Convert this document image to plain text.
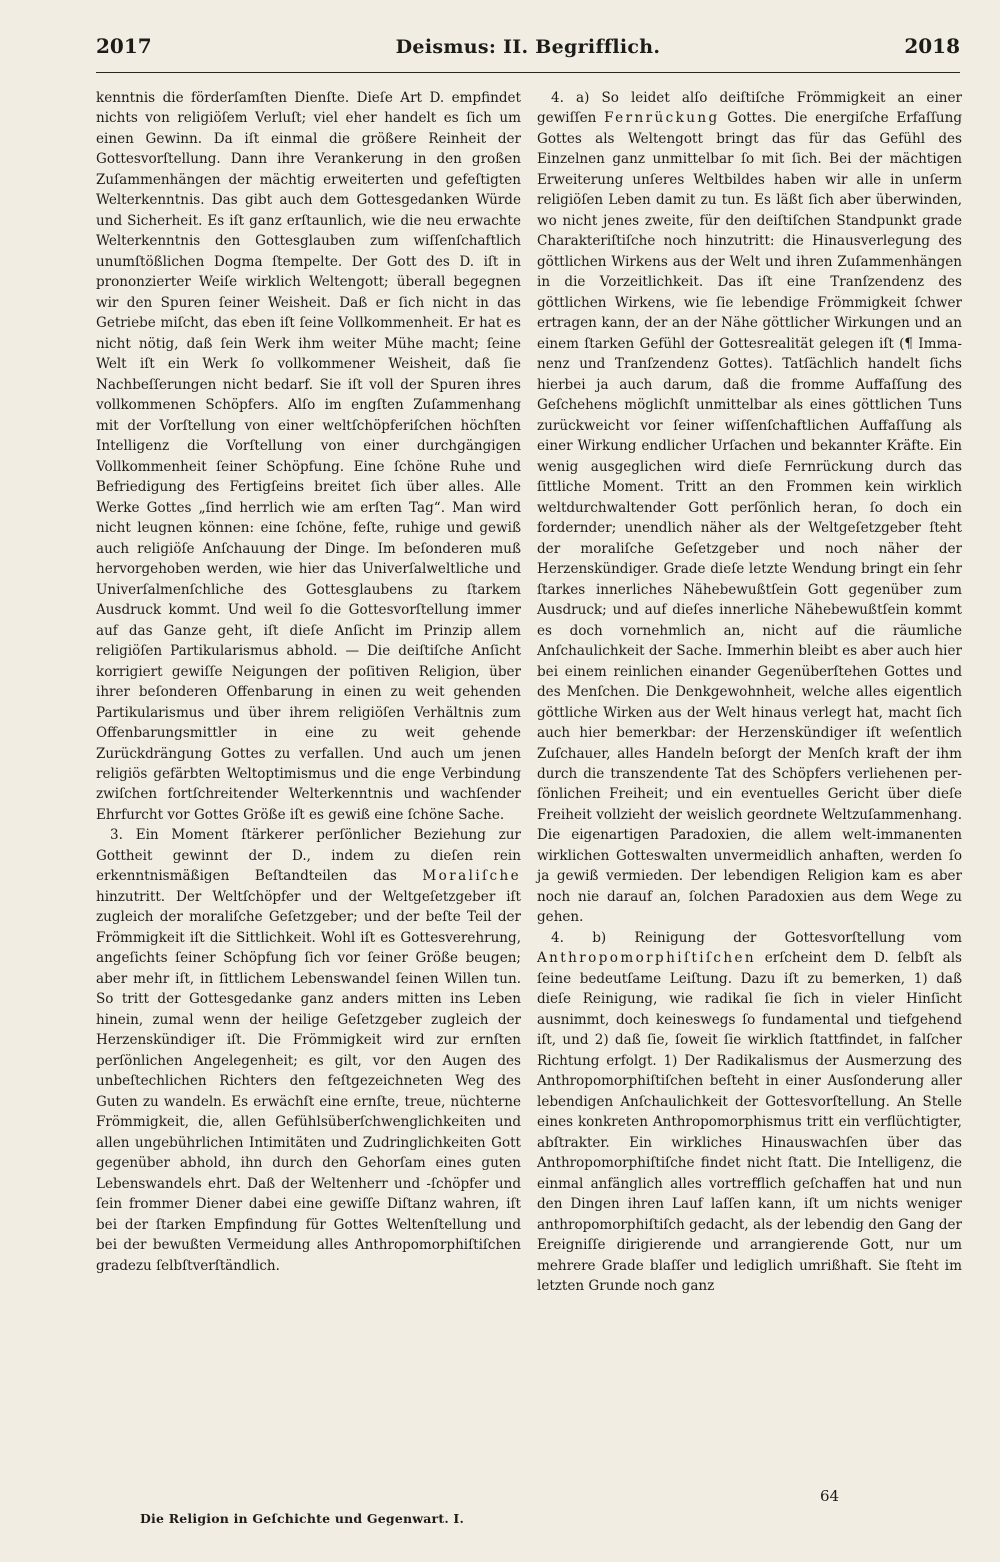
2017	Deismus: II. Begrifflich.	2018

kenntnis die förderſamſten Dienſte. Dieſe Art D. empfindet nichts von religiöſem Verluſt; viel eher handelt es ſich um einen Gewinn. Da iſt einmal die größere Reinheit der Gottesvorſtellung. Dann ihre Verankerung in den großen Zuſammenhängen der mächtig erweiterten und gefeſtigten Welterkenntnis. Das gibt auch dem Gottesgedanken Würde und Sicherheit. Es iſt ganz erſtaunlich, wie die neu erwachte Welterkenntnis den Gottesglauben zum wiſſenſchaftlich unumſtößlichen Dogma ſtempelte. Der Gott des D. iſt in prononzierter Weiſe wirklich Weltengott; überall begegnen wir den Spuren ſeiner Weisheit. Daß er ſich nicht in das Getriebe miſcht, das eben iſt ſeine Vollkommenheit. Er hat es nicht nötig, daß ſein Werk ihm weiter Mühe macht; ſeine Welt iſt ein Werk ſo vollkommener Weisheit, daß ſie Nachbeſſerungen nicht bedarf. Sie iſt voll der Spuren ihres vollkommenen Schöpfers. Alſo im engſten Zuſammenhang mit der Vorſtellung von einer weltſchöpferiſchen höchſten Intelligenz die Vorſtellung von einer durchgängigen Vollkommenheit ſeiner Schöpfung. Eine ſchöne Ruhe und Befriedigung des Fertigſeins breitet ſich über alles. Alle Werke Gottes „ſind herrlich wie am erſten Tag“. Man wird nicht leugnen können: eine ſchöne, feſte, ruhige und gewiß auch religiöſe Anſchauung der Dinge. Im beſonderen muß hervorgehoben werden, wie hier das Univerſalweltliche und Univerſalmenſchliche des Gottesglaubens zu ſtarkem Ausdruck kommt. Und weil ſo die Gottesvorſtellung immer auf das Ganze geht, iſt dieſe Anſicht im Prinzip allem religiöſen Partikularismus abhold. — Die deiſtiſche Anſicht korrigiert gewiſſe Neigungen der poſitiven Religion, über ihrer beſonderen Offenbarung in einen zu weit gehenden Partikularismus und über ihrem religiöſen Verhältnis zum Offenbarungsmittler in eine zu weit gehende Zurückdrängung Gottes zu verfallen. Und auch um jenen religiös gefärbten Weltoptimismus und die enge Verbindung zwiſchen fortſchreitender Welterkenntnis und wachſender Ehrfurcht vor Gottes Größe iſt es gewiß eine ſchöne Sache.

3. Ein Moment ſtärkerer perſönlicher Beziehung zur Gottheit gewinnt der D., indem zu dieſen rein erkenntnismäßigen Beſtandteilen das Moraliſche hinzutritt. Der Weltſchöpfer und der Weltgeſetzgeber iſt zugleich der moraliſche Geſetzgeber; und der beſte Teil der Frömmigkeit iſt die Sittlichkeit. Wohl iſt es Gottesverehrung, angeſichts ſeiner Schöpfung ſich vor ſeiner Größe beugen; aber mehr iſt, in ſittlichem Lebenswandel ſeinen Willen tun. So tritt der Gottesgedanke ganz anders mitten ins Leben hinein, zumal wenn der heilige Geſetzgeber zugleich der Herzenskündiger iſt. Die Frömmigkeit wird zur ernſten perſönlichen Angelegenheit; es gilt, vor den Augen des unbeſtechlichen Richters den feſtgezeichneten Weg des Guten zu wandeln. Es erwächſt eine ernſte, treue, nüchterne Frömmigkeit, die, allen Gefühlsüberſchwenglichkeiten und allen ungebührlichen Intimitäten und Zudringlichkeiten Gott gegenüber abhold, ihn durch den Gehorſam eines guten Lebenswandels ehrt. Daß der Weltenherr und -ſchöpfer und ſein frommer Diener dabei eine gewiſſe Diſtanz wahren, iſt bei der ſtarken Empfindung für Gottes Weltenſtellung und bei der bewußten Vermeidung alles Anthropomorphiſtiſchen gradezu ſelbſtverſtändlich.

4. a) So leidet alſo deiſtiſche Frömmigkeit an einer gewiſſen Fernrückung Gottes. Die energiſche Erfaſſung Gottes als Weltengott bringt das für das Gefühl des Einzelnen ganz unmittelbar ſo mit ſich. Bei der mächtigen Erweiterung unſeres Weltbildes haben wir alle in unſerm religiöſen Leben damit zu tun. Es läßt ſich aber überwinden, wo nicht jenes zweite, für den deiſtiſchen Standpunkt grade Charakteriſtiſche noch hinzutritt: die Hinausverlegung des göttlichen Wirkens aus der Welt und ihren Zuſammenhängen in die Vorzeitlichkeit. Das iſt eine Tranſzendenz des göttlichen Wirkens, wie ſie lebendige Frömmigkeit ſchwer ertragen kann, der an der Nähe göttlicher Wirkungen und an einem ſtarken Gefühl der Gottesrealität gelegen iſt (¶ Immanenz und Tranſzendenz Gottes). Tatſächlich handelt ſichs hierbei ja auch darum, daß die fromme Auffaſſung des Geſchehens möglichſt unmittelbar als eines göttlichen Tuns zurückweicht vor ſeiner wiſſenſchaftlichen Auffaſſung als einer Wirkung endlicher Urſachen und bekannter Kräfte. Ein wenig ausgeglichen wird dieſe Fernrückung durch das ſittliche Moment. Tritt an den Frommen kein wirklich weltdurchwaltender Gott perſönlich heran, ſo doch ein fordernder; unendlich näher als der Weltgeſetzgeber ſteht der moraliſche Geſetzgeber und noch näher der Herzenskündiger. Grade dieſe letzte Wendung bringt ein ſehr ſtarkes innerliches Nähebewußtſein Gott gegenüber zum Ausdruck; und auf dieſes innerliche Nähebewußtſein kommt es doch vornehmlich an, nicht auf die räumliche Anſchaulichkeit der Sache. Immerhin bleibt es aber auch hier bei einem reinlichen einander Gegenüberſtehen Gottes und des Menſchen. Die Denkgewohnheit, welche alles eigentlich göttliche Wirken aus der Welt hinaus verlegt hat, macht ſich auch hier bemerkbar: der Herzenskündiger iſt weſentlich Zuſchauer, alles Handeln beſorgt der Menſch kraft der ihm durch die transzendente Tat des Schöpfers verliehenen perſönlichen Freiheit; und ein eventuelles Gericht über dieſe Freiheit vollzieht der weislich geordnete Weltzuſammenhang. Die eigenartigen Paradoxien, die allem welt-immanenten wirklichen Gotteswalten unvermeidlich anhaften, werden ſo ja gewiß vermieden. Der lebendigen Religion kam es aber noch nie darauf an, ſolchen Paradoxien aus dem Wege zu gehen.

4. b) Reinigung der Gottesvorſtellung vom Anthropomorphiſtiſchen erſcheint dem D. ſelbſt als ſeine bedeutſame Leiſtung. Dazu iſt zu bemerken, 1) daß dieſe Reinigung, wie radikal ſie ſich in vieler Hinſicht ausnimmt, doch keineswegs ſo fundamental und tiefgehend iſt, und 2) daß ſie, ſoweit ſie wirklich ſtattfindet, in falſcher Richtung erfolgt. 1) Der Radikalismus der Ausmerzung des Anthropomorphiſtiſchen beſteht in einer Ausſonderung aller lebendigen Anſchaulichkeit der Gottesvorſtellung. An Stelle eines konkreten Anthropomorphismus tritt ein verflüchtigter, abſtrakter. Ein wirkliches Hinauswachſen über das Anthropomorphiſtiſche findet nicht ſtatt. Die Intelligenz, die einmal anfänglich alles vortrefflich geſchaffen hat und nun den Dingen ihren Lauf laſſen kann, iſt um nichts weniger anthropomorphiſtiſch gedacht, als der lebendig den Gang der Ereigniſſe dirigierende und arrangierende Gott, nur um mehrere Grade blaſſer und lediglich umrißhaft. Sie ſteht im letzten Grunde noch ganz

Die Religion in Geſchichte und Gegenwart. I.
64
